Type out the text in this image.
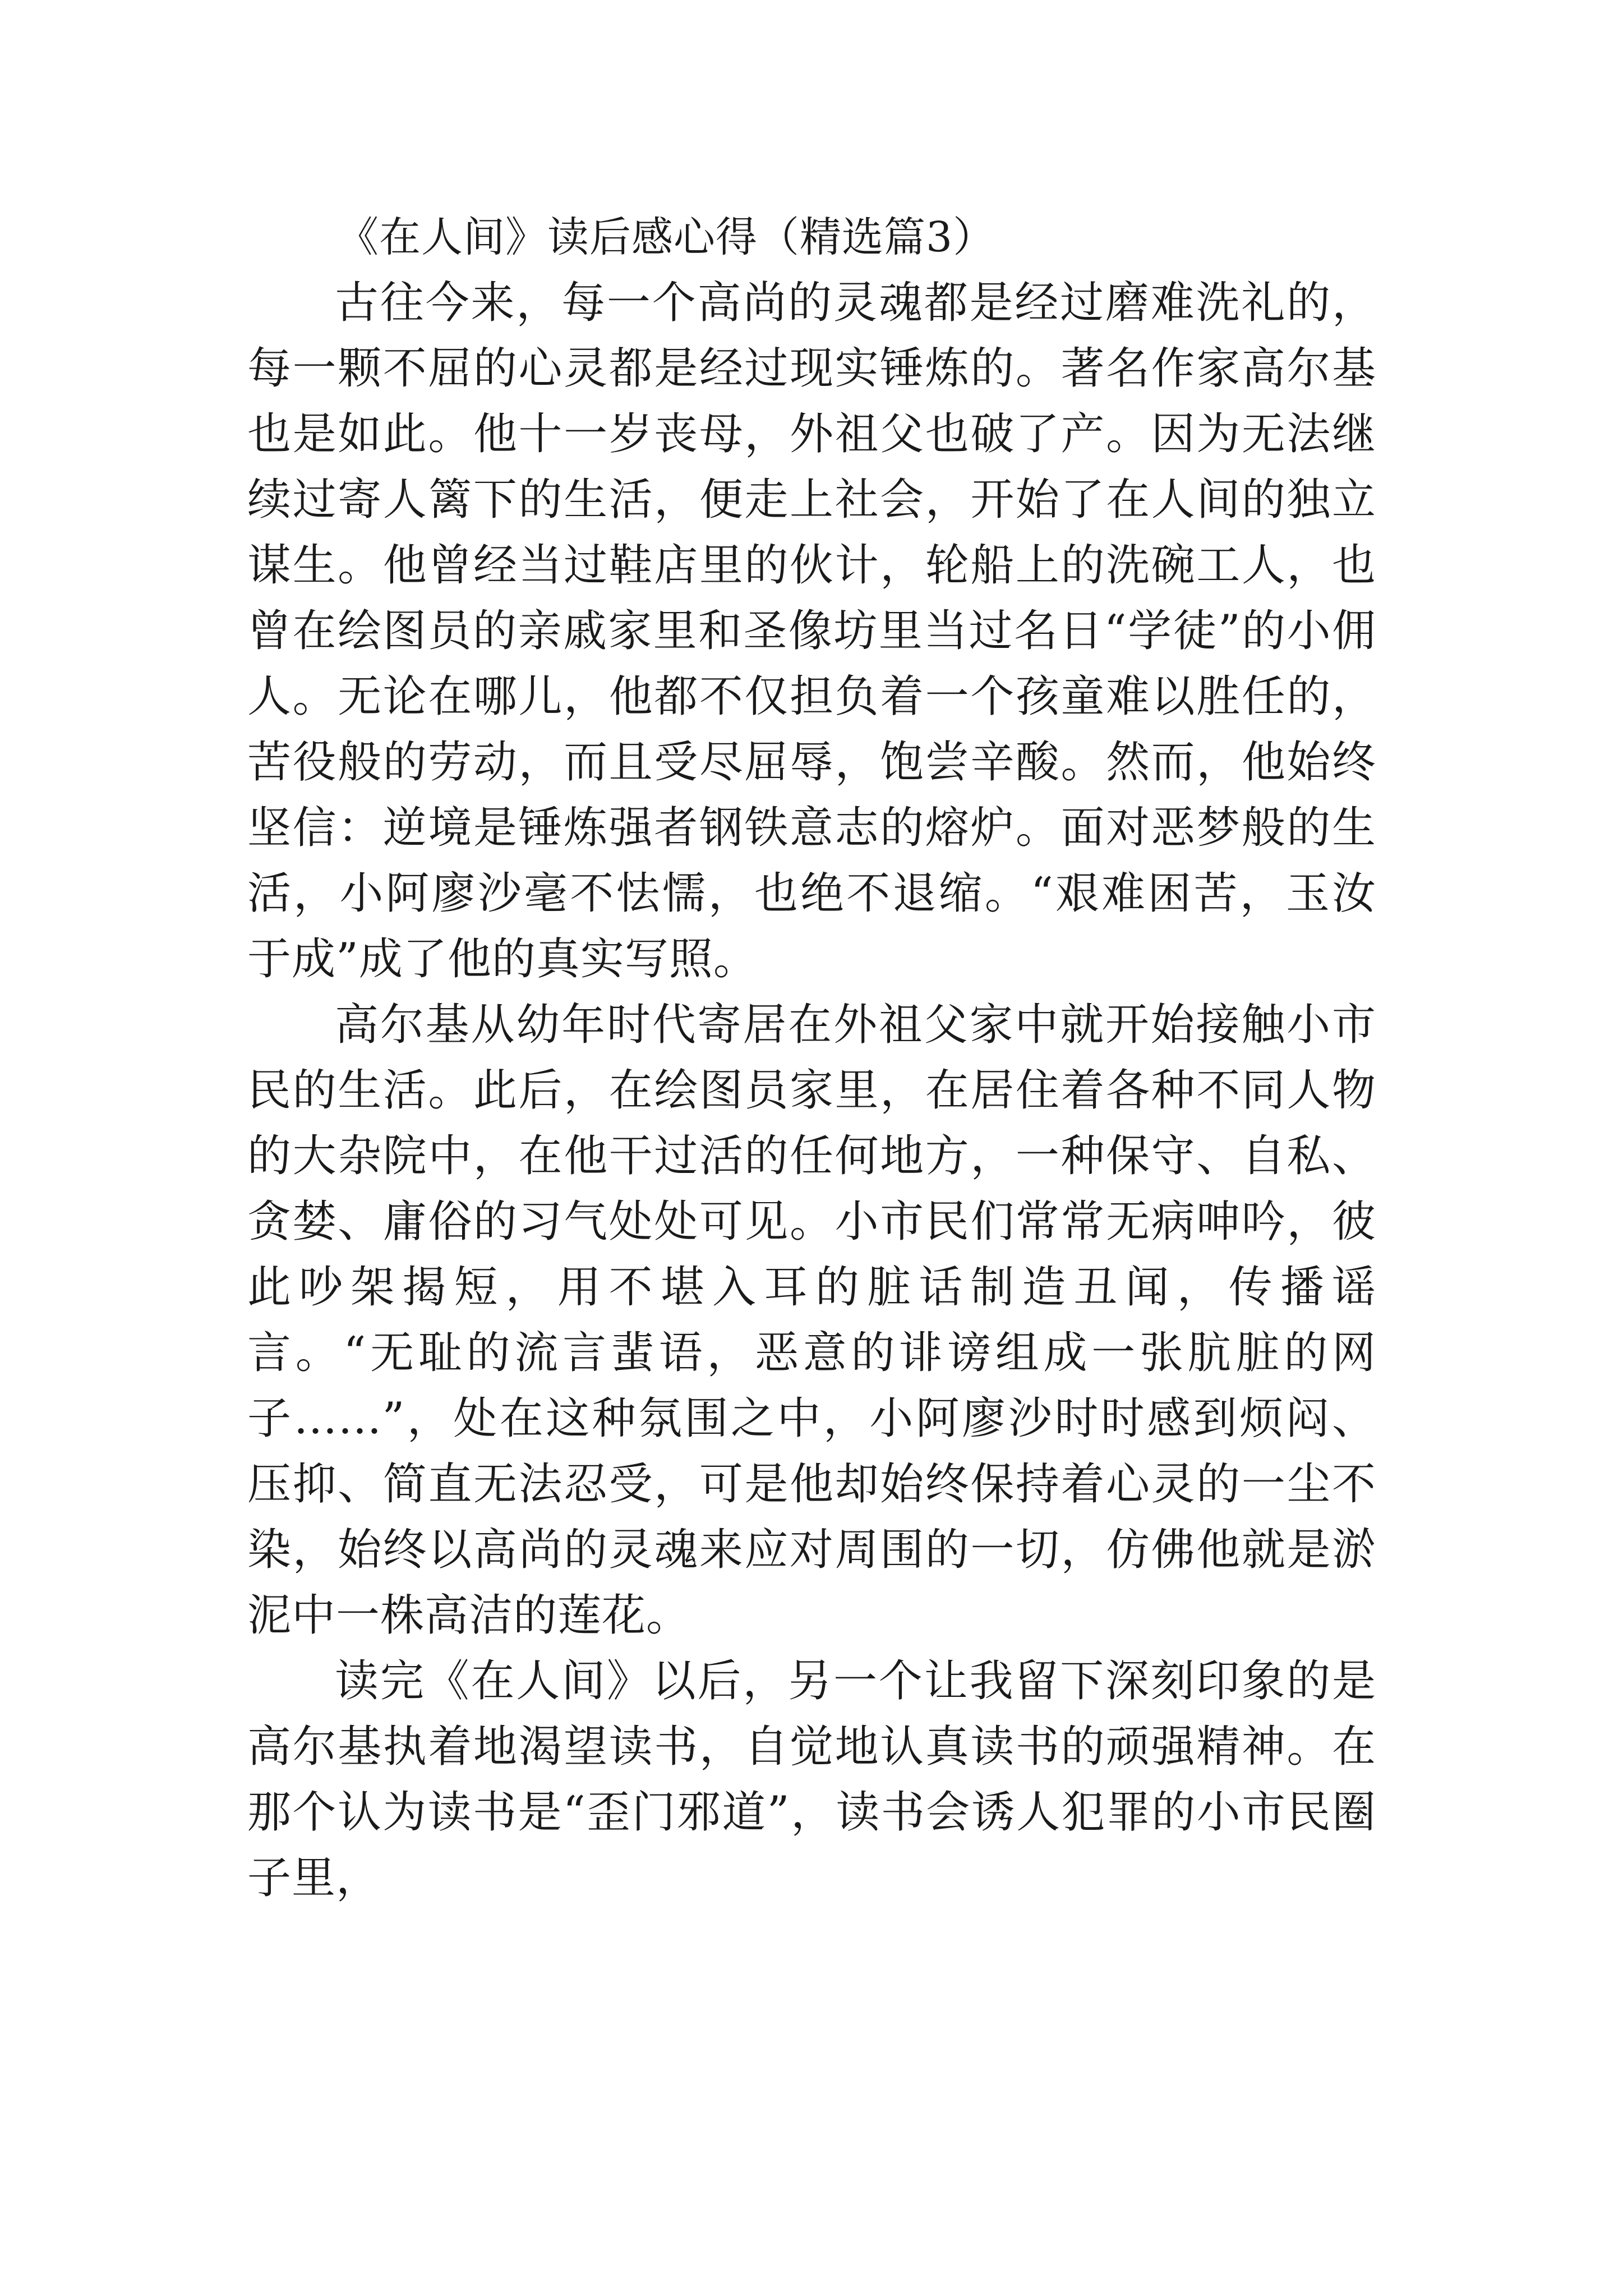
《在人间》读后感心得（精选篇3）

古往今来，每一个高尚的灵魂都是经过磨难洗礼的，每一颗不屈的心灵都是经过现实锤炼的。著名作家高尔基也是如此。他十一岁丧母，外祖父也破了产。因为无法继续过寄人篱下的生活，便走上社会，开始了在人间的独立谋生。他曾经当过鞋店里的伙计，轮船上的洗碗工人，也曾在绘图员的亲戚家里和圣像坊里当过名日“学徒”的小佣人。无论在哪儿，他都不仅担负着一个孩童难以胜任的，苦役般的劳动，而且受尽屈辱，饱尝辛酸。然而，他始终坚信：逆境是锤炼强者钢铁意志的熔炉。面对恶梦般的生活，小阿廖沙毫不怯懦，也绝不退缩。“艰难困苦，玉汝于成”成了他的真实写照。

高尔基从幼年时代寄居在外祖父家中就开始接触小市民的生活。此后，在绘图员家里，在居住着各种不同人物的大杂院中，在他干过活的任何地方，一种保守、自私、贪婪、庸俗的习气处处可见。小市民们常常无病呻吟，彼此吵架揭短，用不堪入耳的脏话制造丑闻，传播谣言。“无耻的流言蜚语，恶意的诽谤组成一张肮脏的网子……”，处在这种氛围之中，小阿廖沙时时感到烦闷、压抑、简直无法忍受，可是他却始终保持着心灵的一尘不染，始终以高尚的灵魂来应对周围的一切，仿佛他就是淤泥中一株高洁的莲花。

读完《在人间》以后，另一个让我留下深刻印象的是高尔基执着地渴望读书，自觉地认真读书的顽强精神。在那个认为读书是“歪门邪道”，读书会诱人犯罪的小市民圈子里，
